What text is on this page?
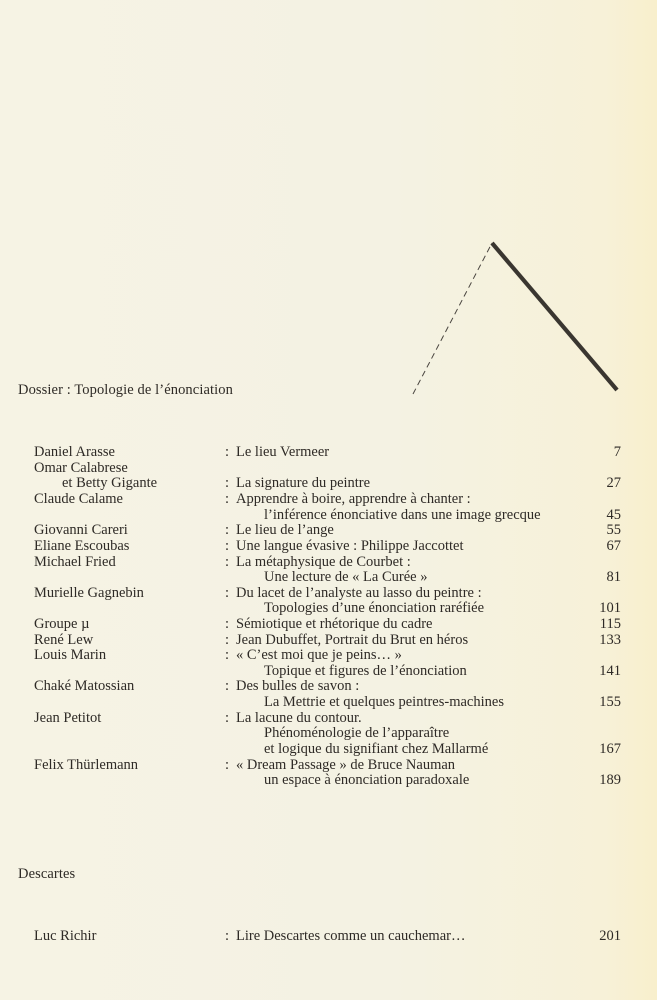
Dossier : Topologie de l’énonciation
Daniel Arasse	: Le lieu Vermeer	7
Omar Calabrese
et Betty Gigante	: La signature du peintre	27
Claude Calame	: Apprendre à boire, apprendre à chanter :
l’inférence énonciative dans une image grecque	45
Giovanni Careri	: Le lieu de l’ange	55
Eliane Escoubas	: Une langue évasive : Philippe Jaccottet	67
Michael Fried	: La métaphysique de Courbet :
Une lecture de « La Curée »	81
Murielle Gagnebin	: Du lacet de l’analyste au lasso du peintre :
Topologies d’une énonciation raréfiée	101
Groupe µ	: Sémiotique et rhétorique du cadre	115
René Lew	: Jean Dubuffet, Portrait du Brut en héros	133
Louis Marin	: « C’est moi que je peins… »
Topique et figures de l’énonciation	141
Chaké Matossian	: Des bulles de savon :
La Mettrie et quelques peintres-machines	155
Jean Petitot	: La lacune du contour.
Phénoménologie de l’apparaître
et logique du signifiant chez Mallarmé	167
Felix Thürlemann	: « Dream Passage » de Bruce Nauman
un espace à énonciation paradoxale	189
Descartes
Luc Richir	: Lire Descartes comme un cauchemar…	201
